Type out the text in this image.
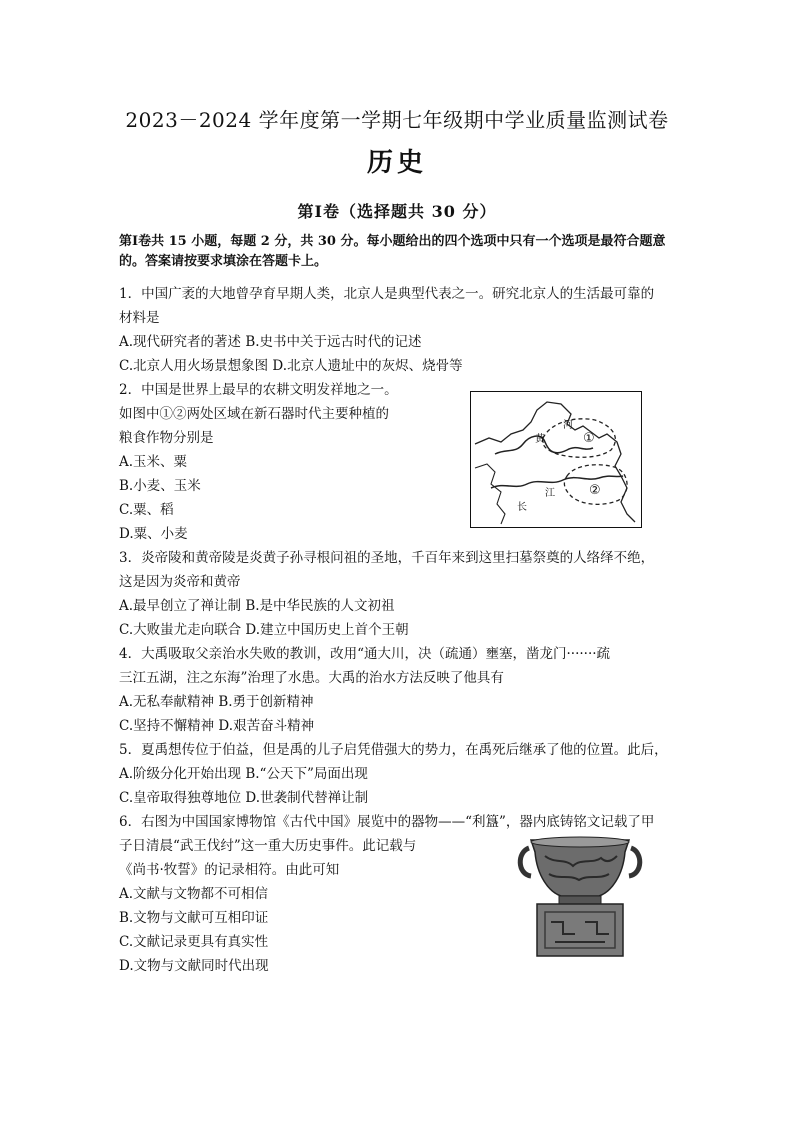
2023－2024 学年度第一学期七年级期中学业质量监测试卷
历史
第Ⅰ卷（选择题共 30 分）
第Ⅰ卷共 15 小题，每题 2 分，共 30 分。每小题给出的四个选项中只有一个选项是最符合题意
的。答案请按要求填涂在答题卡上。
1．中国广袤的大地曾孕育早期人类，北京人是典型代表之一。研究北京人的生活最可靠的
材料是
A.现代研究者的著述 B.史书中关于远古时代的记述
C.北京人用火场景想象图 D.北京人遗址中的灰烬、烧骨等
2．中国是世界上最早的农耕文明发祥地之一。
如图中①②两处区域在新石器时代主要种植的
粮食作物分别是
A.玉米、粟
B.小麦、玉米
C.粟、稻
D.粟、小麦
黄
河
长
江
①
②
3．炎帝陵和黄帝陵是炎黄子孙寻根问祖的圣地，千百年来到这里扫墓祭奠的人络绎不绝，
这是因为炎帝和黄帝
A.最早创立了禅让制 B.是中华民族的人文初祖
C.大败蚩尤走向联合 D.建立中国历史上首个王朝
4．大禹吸取父亲治水失败的教训，改用“通大川，决（疏通）壅塞，凿龙门·······疏
三江五湖，注之东海”治理了水患。大禹的治水方法反映了他具有
A.无私奉献精神 B.勇于创新精神
C.坚持不懈精神 D.艰苦奋斗精神
5．夏禹想传位于伯益，但是禹的儿子启凭借强大的势力，在禹死后继承了他的位置。此后，
A.阶级分化开始出现 B.“公天下”局面出现
C.皇帝取得独尊地位 D.世袭制代替禅让制
6．右图为中国国家博物馆《古代中国》展览中的器物——“利簋”，器内底铸铭文记载了甲
子日清晨“武王伐纣”这一重大历史事件。此记载与
《尚书·牧誓》的记录相符。由此可知
A.文献与文物都不可相信
B.文物与文献可互相印证
C.文献记录更具有真实性
D.文物与文献同时代出现
